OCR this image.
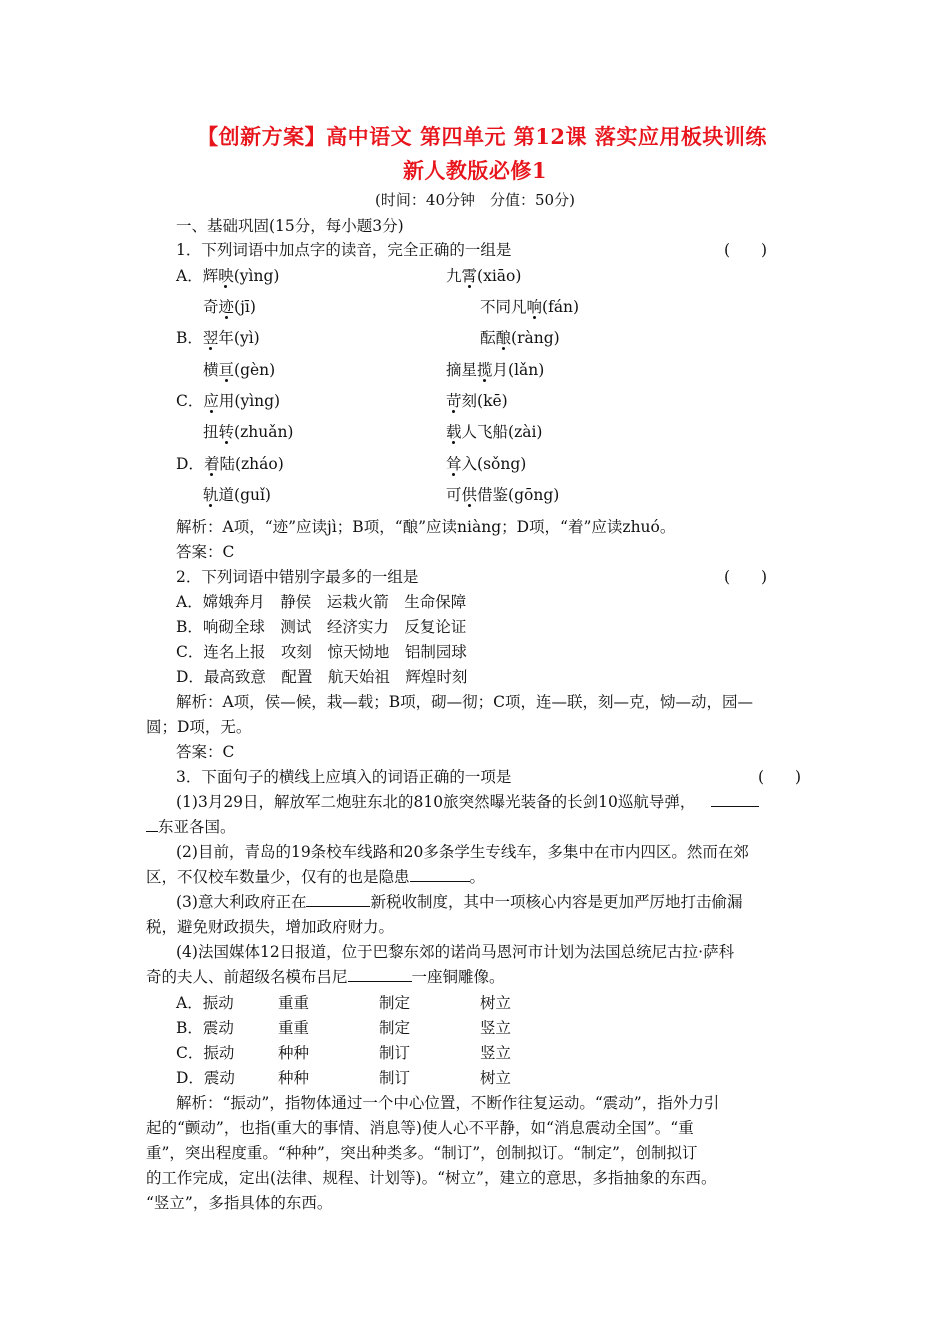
【创新方案】高中语文 第四单元 第12课 落实应用板块训练
新人教版必修1
(时间：40分钟　分值：50分)
一、基础巩固(15分，每小题3分)
1．下列词语中加点字的读音，完全正确的一组是	(　　)
A．辉映(yìng)	九霄(xiāo)
奇迹(jī)	不同凡响(fán)
B．翌年(yì)	酝酿(ràng)
横亘(gèn)	摘星揽月(lǎn)
C．应用(yìng)	苛刻(kē)
扭转(zhuǎn)	载人飞船(zài)
D．着陆(zháo)	耸入(sǒng)
轨道(guǐ)	可供借鉴(gōng)
解析：A项，“迹”应读jì；B项，“酿”应读niàng；D项，“着”应读zhuó。
答案：C
2．下列词语中错别字最多的一组是	(　　)
A．嫦娥奔月　静侯　运栽火箭　生命保障
B．响砌全球　测试　经济实力　反复论证
C．连名上报　攻刻　惊天恸地　铝制园球
D．最高致意　配置　航天始祖　辉煌时刻
解析：A项，侯—候，栽—载；B项，砌—彻；C项，连—联，刻—克，恸—动，园—
圆；D项，无。
答案：C
3．下面句子的横线上应填入的词语正确的一项是	(　　)
(1)3月29日，解放军二炮驻东北的810旅突然曝光装备的长剑10巡航导弹，
东亚各国。
(2)目前，青岛的19条校车线路和20多条学生专线车，多集中在市内四区。然而在郊
区，不仅校车数量少，仅有的也是隐患	。
(3)意大利政府正在	新税收制度，其中一项核心内容是更加严厉地打击偷漏
税，避免财政损失，增加政府财力。
(4)法国媒体12日报道，位于巴黎东郊的诺尚马恩河市计划为法国总统尼古拉·萨科
奇的夫人、前超级名模布吕尼	一座铜雕像。
A．振动	重重	制定	树立
B．震动	重重	制定	竖立
C．振动	种种	制订	竖立
D．震动	种种	制订	树立
解析：“振动”，指物体通过一个中心位置，不断作往复运动。“震动”，指外力引
起的“颤动”，也指(重大的事情、消息等)使人心不平静，如“消息震动全国”。“重
重”，突出程度重。“种种”，突出种类多。“制订”，创制拟订。“制定”，创制拟订
的工作完成，定出(法律、规程、计划等)。“树立”，建立的意思，多指抽象的东西。
“竖立”，多指具体的东西。
